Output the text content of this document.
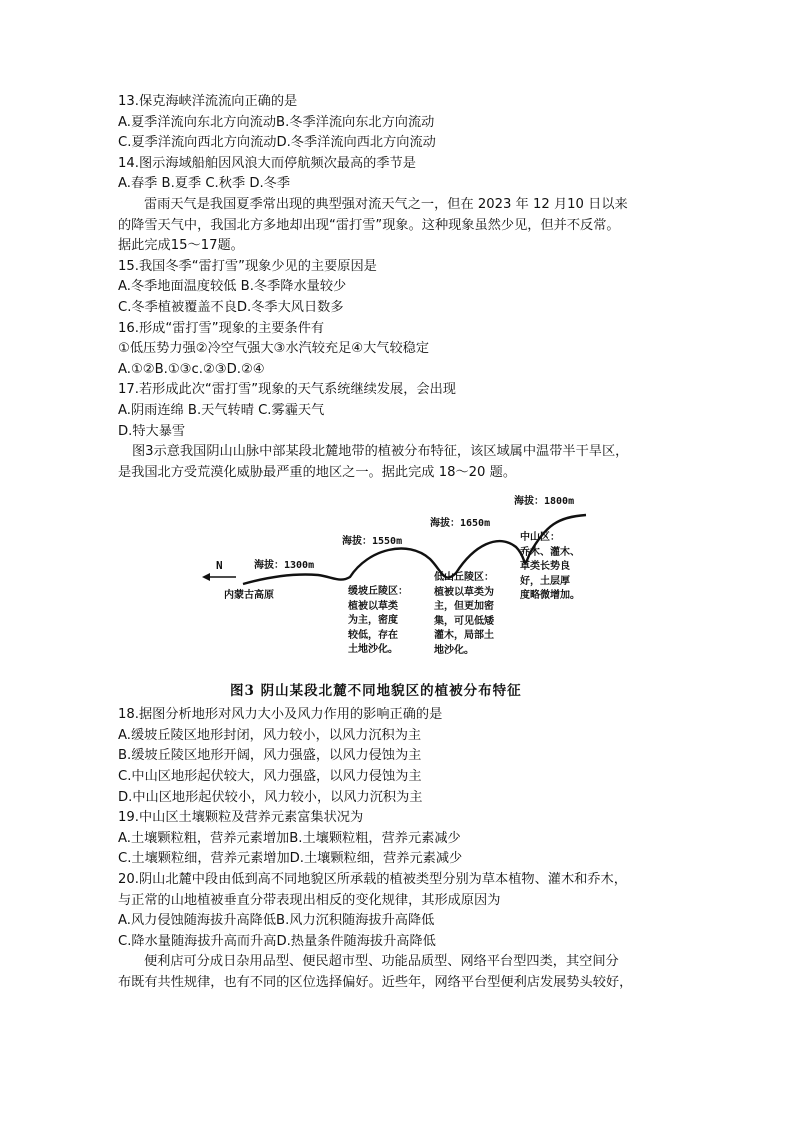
13.保克海峡洋流流向正确的是
A.夏季洋流向东北方向流动B.冬季洋流向东北方向流动
C.夏季洋流向西北方向流动D.冬季洋流向西北方向流动
14.图示海域船舶因风浪大而停航频次最高的季节是
A.春季 B.夏季 C.秋季 D.冬季
雷雨天气是我国夏季常出现的典型强对流天气之一，但在 2023 年 12 月10 日以来
的降雪天气中，我国北方多地却出现“雷打雪”现象。这种现象虽然少见，但并不反常。
据此完成15～17题。
15.我国冬季“雷打雪”现象少见的主要原因是
A.冬季地面温度较低 B.冬季降水量较少
C.冬季植被覆盖不良D.冬季大风日数多
16.形成“雷打雪”现象的主要条件有
①低压势力强②冷空气强大③水汽较充足④大气较稳定
A.①②B.①③c.②③D.②④
17.若形成此次“雷打雪”现象的天气系统继续发展，会出现
A.阴雨连绵 B.天气转晴 C.雾霾天气
D.特大暴雪
图3示意我国阴山山脉中部某段北麓地带的植被分布特征，该区域属中温带半干旱区，
是我国北方受荒漠化威胁最严重的地区之一。据此完成 18～20 题。
N
内蒙古高原
海拔：1300m
海拔：1550m
海拔：1650m
海拔：1800m
缓坡丘陵区：
植被以草类
为主，密度
较低，存在
土地沙化。
低山丘陵区：
植被以草类为
主，但更加密
集，可见低矮
灌木，局部土
地沙化。
中山区：
乔木、灌木、
草类长势良
好，土层厚
度略微增加。
图3 阴山某段北麓不同地貌区的植被分布特征
18.据图分析地形对风力大小及风力作用的影响正确的是
A.缓坡丘陵区地形封闭，风力较小，以风力沉积为主
B.缓坡丘陵区地形开阔，风力强盛，以风力侵蚀为主
C.中山区地形起伏较大，风力强盛，以风力侵蚀为主
D.中山区地形起伏较小，风力较小，以风力沉积为主
19.中山区土壤颗粒及营养元素富集状况为
A.土壤颗粒粗，营养元素增加B.土壤颗粒粗，营养元素减少
C.土壤颗粒细，营养元素增加D.土壤颗粒细，营养元素减少
20.阴山北麓中段由低到高不同地貌区所承载的植被类型分别为草本植物、灌木和乔木，
与正常的山地植被垂直分带表现出相反的变化规律，其形成原因为
A.风力侵蚀随海拔升高降低B.风力沉积随海拔升高降低
C.降水量随海拔升高而升高D.热量条件随海拔升高降低
便利店可分成日杂用品型、便民超市型、功能品质型、网络平台型四类，其空间分
布既有共性规律，也有不同的区位选择偏好。近些年，网络平台型便利店发展势头较好，
